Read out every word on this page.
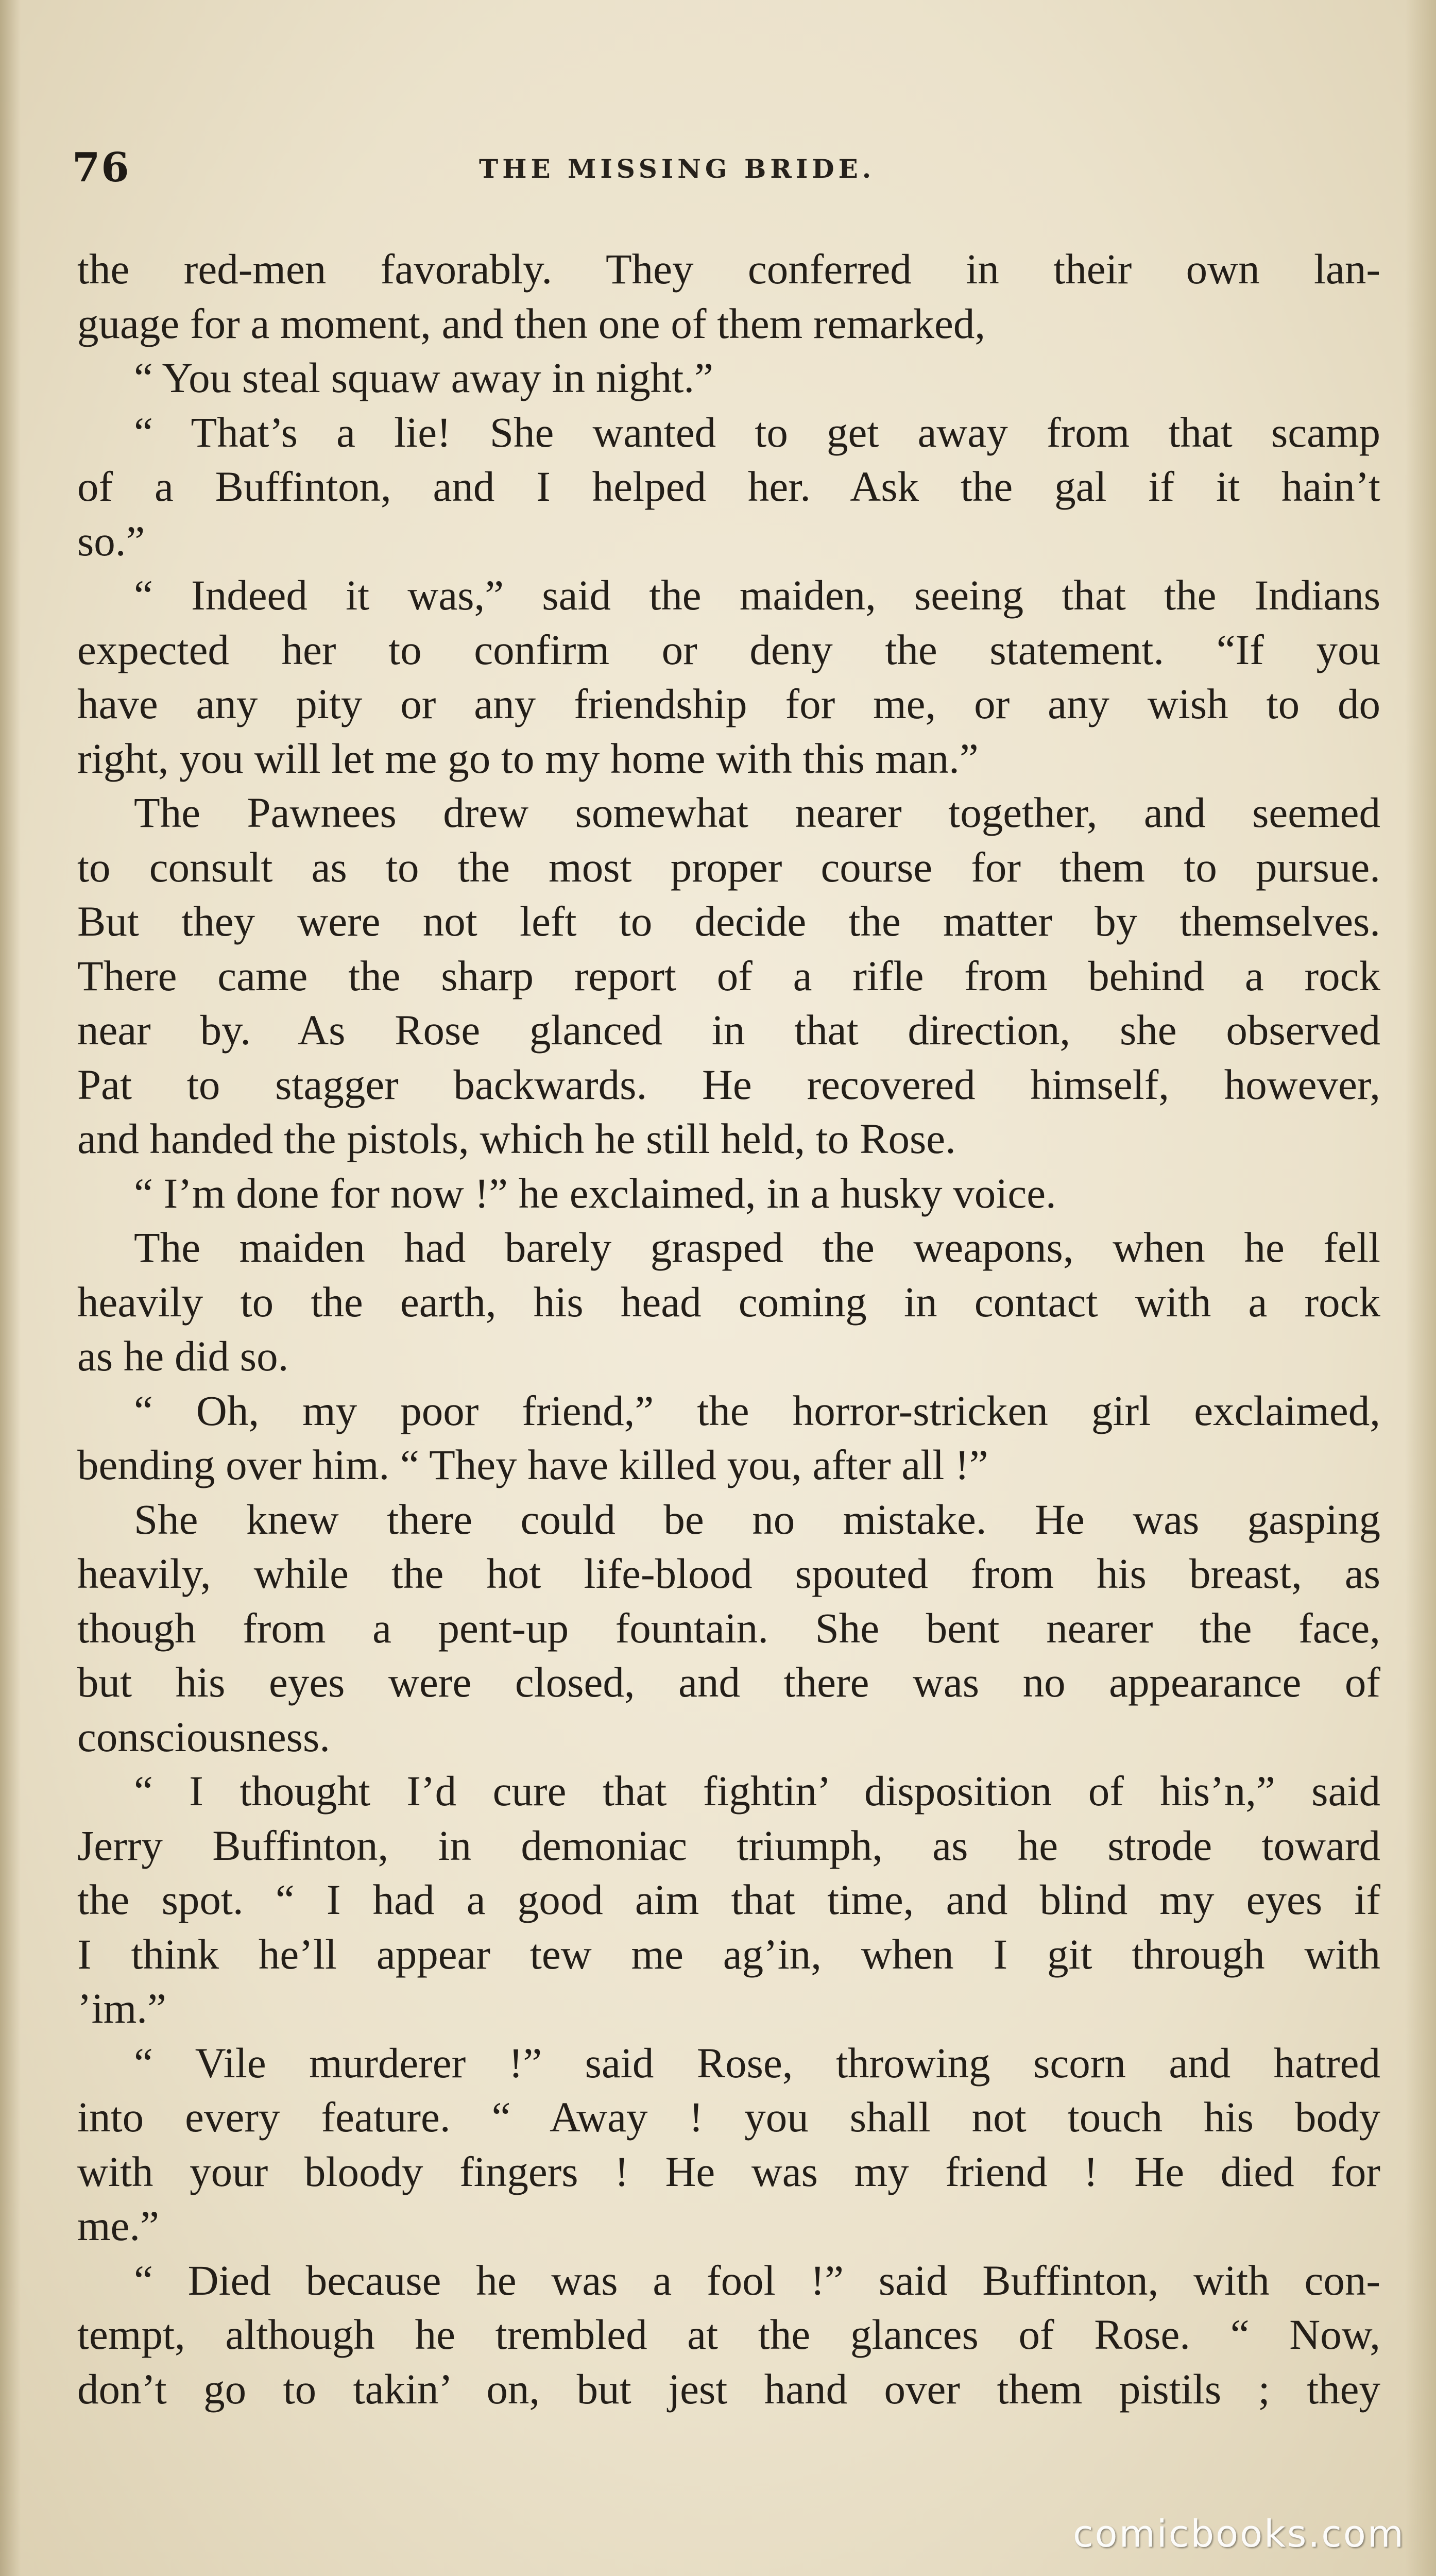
76	THE MISSING BRIDE.
the red-men favorably. They conferred in their own lan-
guage for a moment, and then one of them remarked,
“ You steal squaw away in night.”
“ That’s a lie! She wanted to get away from that scamp
of a Buffinton, and I helped her. Ask the gal if it hain’t
so.”
“ Indeed it was,” said the maiden, seeing that the Indians
expected her to confirm or deny the statement. “If you
have any pity or any friendship for me, or any wish to do
right, you will let me go to my home with this man.”
The Pawnees drew somewhat nearer together, and seemed
to consult as to the most proper course for them to pursue.
But they were not left to decide the matter by themselves.
There came the sharp report of a rifle from behind a rock
near by. As Rose glanced in that direction, she observed
Pat to stagger backwards. He recovered himself, however,
and handed the pistols, which he still held, to Rose.
“ I’m done for now !” he exclaimed, in a husky voice.
The maiden had barely grasped the weapons, when he fell
heavily to the earth, his head coming in contact with a rock
as he did so.
“ Oh, my poor friend,” the horror-stricken girl exclaimed,
bending over him. “ They have killed you, after all !”
She knew there could be no mistake. He was gasping
heavily, while the hot life-blood spouted from his breast, as
though from a pent-up fountain. She bent nearer the face,
but his eyes were closed, and there was no appearance of
consciousness.
“ I thought I’d cure that fightin’ disposition of his’n,” said
Jerry Buffinton, in demoniac triumph, as he strode toward
the spot. “ I had a good aim that time, and blind my eyes if
I think he’ll appear tew me ag’in, when I git through with
’im.”
“ Vile murderer !” said Rose, throwing scorn and hatred
into every feature. “ Away ! you shall not touch his body
with your bloody fingers ! He was my friend ! He died for
me.”
“ Died because he was a fool !” said Buffinton, with con-
tempt, although he trembled at the glances of Rose. “ Now,
don’t go to takin’ on, but jest hand over them pistils ; they
comicbooks.com
